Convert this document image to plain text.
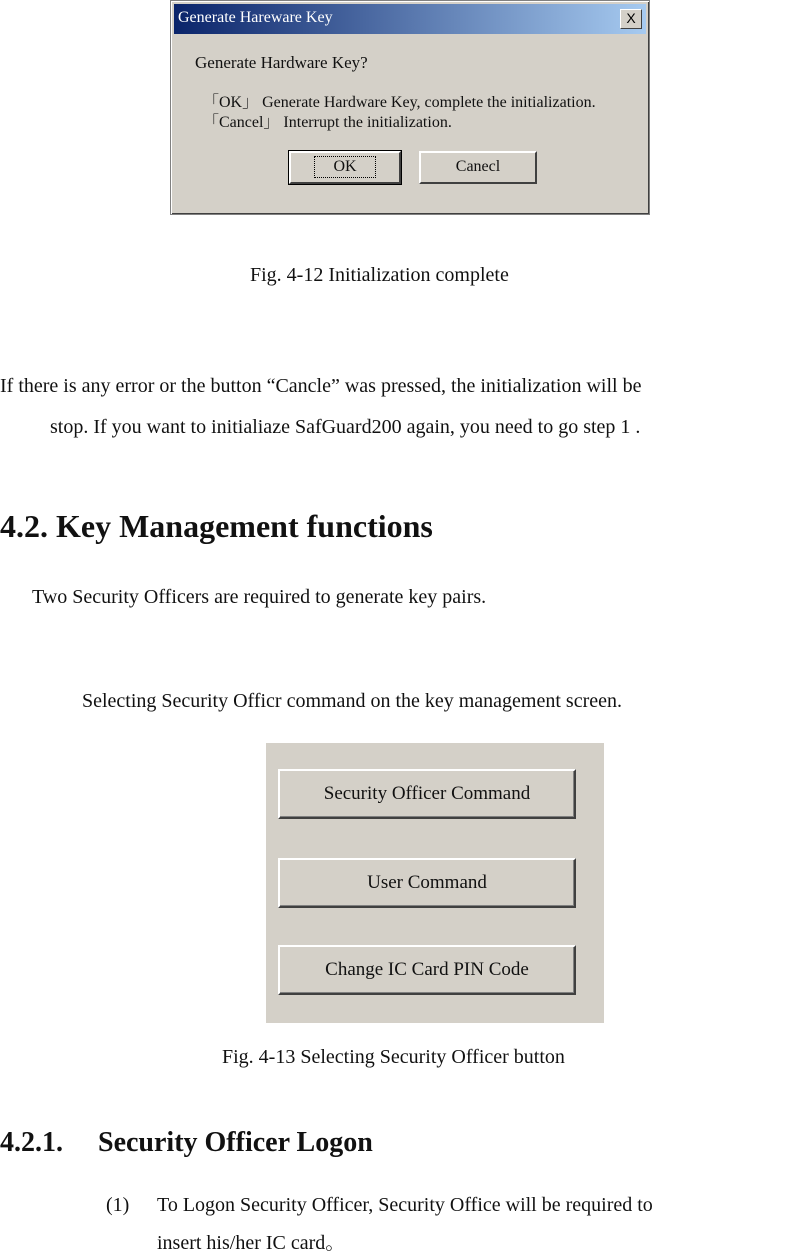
Generate Hareware Key	X
Generate Hardware Key?
「OK」 Generate Hardware Key, complete the initialization.
「Cancel」 Interrupt the initialization.
OK	Canecl
Fig. 4-12 Initialization complete
If there is any error or the button “Cancle” was pressed, the initialization will be
stop. If you want to initialiaze SafGuard200 again, you need to go step 1 .
4.2. Key Management functions
Two Security Officers are required to generate key pairs.
Selecting Security Officr command on the key management screen.
Security Officer Command
User Command
Change IC Card PIN Code
Fig. 4-13 Selecting Security Officer button
4.2.1.     Security Officer Logon
(1) To Logon Security Officer, Security Office will be required to
insert his/her IC card。
